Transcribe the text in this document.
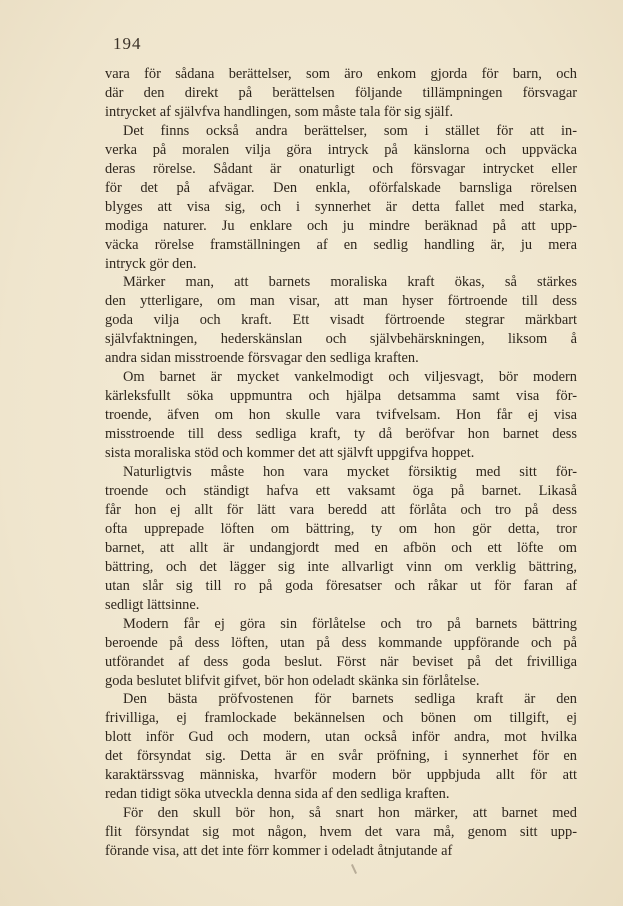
194

vara för sådana berättelser, som äro enkom gjorda för barn, och
där den direkt på berättelsen följande tillämpningen försvagar
intrycket af självfva handlingen, som måste tala för sig själf.

Det finns också andra berättelser, som i stället för att in-
verka på moralen vilja göra intryck på känslorna och uppväcka
deras rörelse. Sådant är onaturligt och försvagar intrycket eller
för det på afvägar. Den enkla, oförfalskade barnsliga rörelsen
blyges att visa sig, och i synnerhet är detta fallet med starka,
modiga naturer. Ju enklare och ju mindre beräknad på att upp-
väcka rörelse framställningen af en sedlig handling är, ju mera
intryck gör den.

Märker man, att barnets moraliska kraft ökas, så stärkes
den ytterligare, om man visar, att man hyser förtroende till dess
goda vilja och kraft. Ett visadt förtroende stegrar märkbart
självfaktningen, hederskänslan och självbehärskningen, liksom å
andra sidan misstroende försvagar den sedliga kraften.

Om barnet är mycket vankelmodigt och viljesvagt, bör modern
kärleksfullt söka uppmuntra och hjälpa detsamma samt visa för-
troende, äfven om hon skulle vara tvifvelsam. Hon får ej visa
misstroende till dess sedliga kraft, ty då beröfvar hon barnet dess
sista moraliska stöd och kommer det att självft uppgifva hoppet.

Naturligtvis måste hon vara mycket försiktig med sitt för-
troende och ständigt hafva ett vaksamt öga på barnet. Likaså
får hon ej allt för lätt vara beredd att förlåta och tro på dess
ofta upprepade löften om bättring, ty om hon gör detta, tror
barnet, att allt är undangjordt med en afbön och ett löfte om
bättring, och det lägger sig inte allvarligt vinn om verklig bättring,
utan slår sig till ro på goda föresatser och råkar ut för faran af
sedligt lättsinne.

Modern får ej göra sin förlåtelse och tro på barnets bättring
beroende på dess löften, utan på dess kommande uppförande och på
utförandet af dess goda beslut. Först när beviset på det frivilliga
goda beslutet blifvit gifvet, bör hon odeladt skänka sin förlåtelse.

Den bästa pröfvostenen för barnets sedliga kraft är den
frivilliga, ej framlockade bekännelsen och bönen om tillgift, ej
blott inför Gud och modern, utan också inför andra, mot hvilka
det försyndat sig. Detta är en svår pröfning, i synnerhet för en
karaktärssvag människa, hvarför modern bör uppbjuda allt för att
redan tidigt söka utveckla denna sida af den sedliga kraften.

För den skull bör hon, så snart hon märker, att barnet med
flit försyndat sig mot någon, hvem det vara må, genom sitt upp-
förande visa, att det inte förr kommer i odeladt åtnjutande af
